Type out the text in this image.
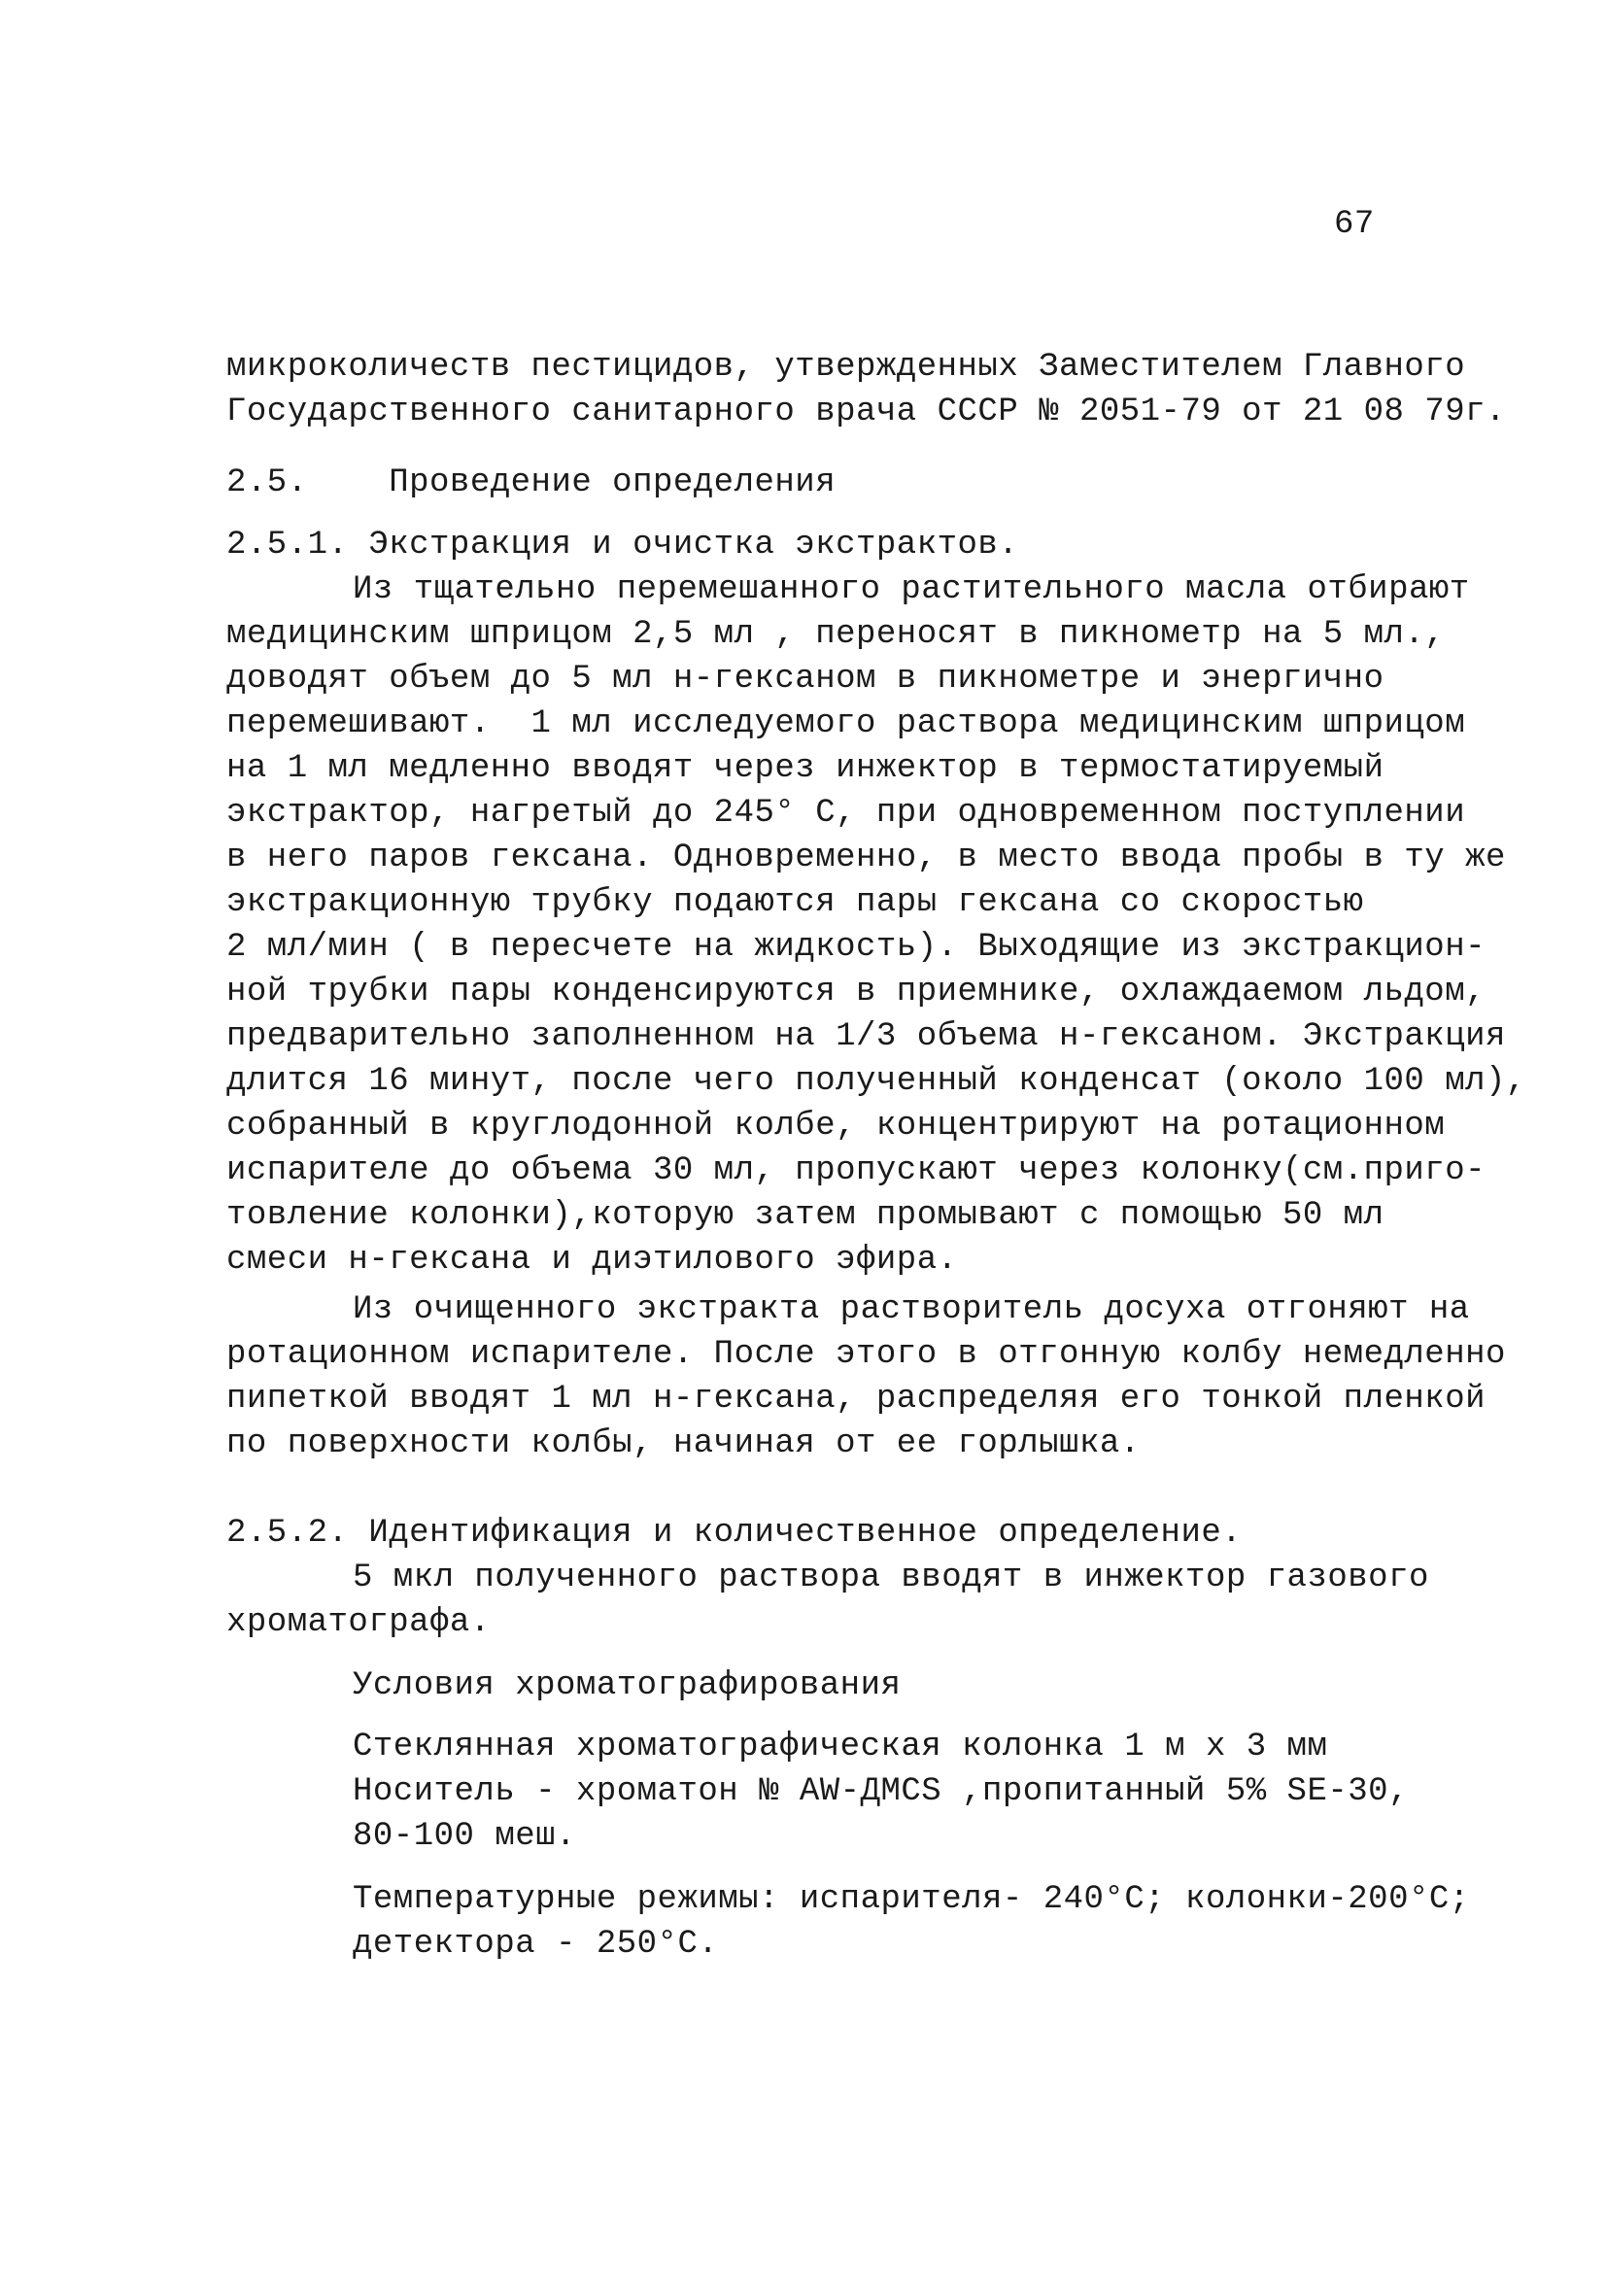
67
микроколичеств пестицидов, утвержденных Заместителем Главного
Государственного санитарного врача СССР № 2051-79 от 21 08 79г.
2.5.    Проведение определения
2.5.1. Экстракция и очистка экстрактов.
Из тщательно перемешанного растительного масла отбирают
медицинским шприцом 2,5 мл , переносят в пикнометр на 5 мл.,
доводят объем до 5 мл н-гексаном в пикнометре и энергично
перемешивают.  1 мл исследуемого раствора медицинским шприцом
на 1 мл медленно вводят через инжектор в термостатируемый
экстрактор, нагретый до 245° С, при одновременном поступлении
в него паров гексана. Одновременно, в место ввода пробы в ту же
экстракционную трубку подаются пары гексана со скоростью
2 мл/мин ( в пересчете на жидкость). Выходящие из экстракцион-
ной трубки пары конденсируются в приемнике, охлаждаемом льдом,
предварительно заполненном на 1/3 объема н-гексаном. Экстракция
длится 16 минут, после чего полученный конденсат (около 100 мл),
собранный в круглодонной колбе, концентрируют на ротационном
испарителе до объема 30 мл, пропускают через колонку(см.приго-
товление колонки),которую затем промывают с помощью 50 мл
смеси н-гексана и диэтилового эфира.
Из очищенного экстракта растворитель досуха отгоняют на
ротационном испарителе. После этого в отгонную колбу немедленно
пипеткой вводят 1 мл н-гексана, распределяя его тонкой пленкой
по поверхности колбы, начиная от ее горлышка.
2.5.2. Идентификация и количественное определение.
5 мкл полученного раствора вводят в инжектор газового
хроматографа.
Условия хроматографирования
Стеклянная хроматографическая колонка 1 м х 3 мм
Носитель - хроматон № AW-ДМCS ,пропитанный 5% SE-30,
80-100 меш.
Температурные режимы: испарителя- 240°С; колонки-200°С;
детектора - 250°С.
